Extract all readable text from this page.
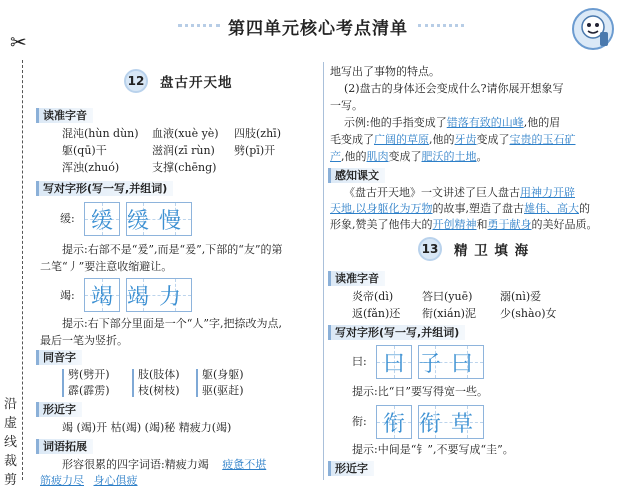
第四单元核心考点清单
✂
沿虚线裁剪
12 盘古开天地
读准字音
混沌(hùn dùn) 血液(xuè yè) 四肢(zhī)
躯(qū)干	滋润(zī rùn) 劈(pī)开
浑浊(zhuó)	支撑(chēng)
写对字形(写一写,并组词)
缓: 缓 缓慢
提示:右部不是“爰”,而是“爰”,下部的“友”的第
二笔“丿”要注意收缩避让。
竭: 竭 竭力
提示:右下部分里面是一个“人”字,把捺改为点,
最后一笔为竖折。
同音字
劈(劈开)	肢(肢体) 躯(身躯)
霹(霹雳)	枝(树枝) 驱(驱赶)
形近字
竭 (竭)开 枯(竭) (竭)秘 精疲力(竭)
词语拓展
形容很累的四字词语:精疲力竭 疲惫不堪
筋疲力尽 身心俱疲
地写出了事物的特点。
(2)盘古的身体还会变成什么?请你展开想象写
一写。
示例:他的手指变成了错落有致的山峰,他的眉
毛变成了广阔的草原,他的牙齿变成了宝贵的玉石矿
产,他的肌肉变成了肥沃的土地。
感知课文
《盘古开天地》一文讲述了巨人盘古用神力开辟
天地,以身躯化为万物的故事,塑造了盘古雄伟、高大的
形象,赞美了他伟大的开创精神和勇于献身的美好品质。
13 精 卫 填 海
读准字音
炎帝(dì)	答曰(yuē)	溺(nì)爱
返(fǎn)还 衔(xián)泥 少(shào)女
写对字形(写一写,并组词)
曰: 曰 子曰
提示:比“日”要写得宽一些。
衔: 衔 衔草
提示:中间是“钅”,不要写成“圭”。
形近字
